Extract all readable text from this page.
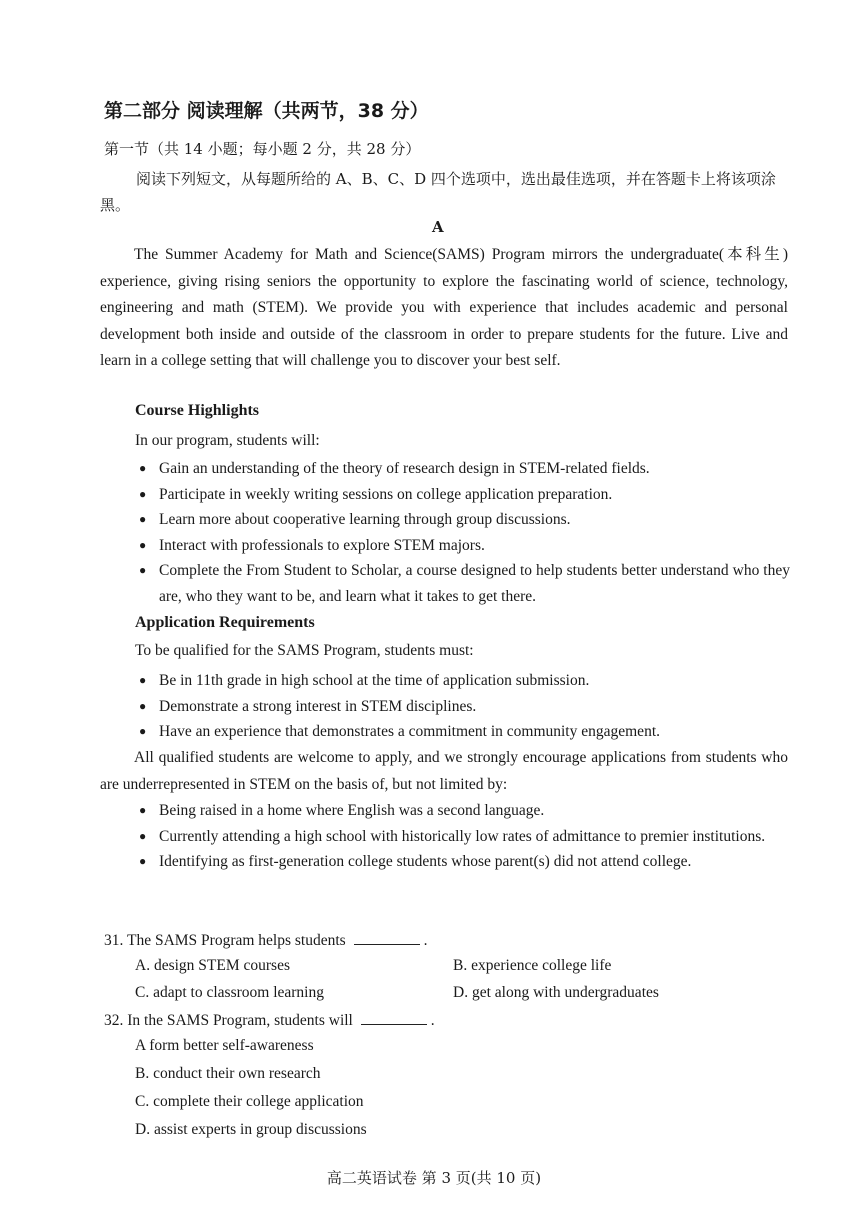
第二部分 阅读理解（共两节，38 分）
第一节（共 14 小题；每小题 2 分，共 28 分）
阅读下列短文，从每题所给的 A、B、C、D 四个选项中，选出最佳选项，并在答题卡上将该项涂黑。
A
The Summer Academy for Math and Science(SAMS) Program mirrors the undergraduate(本科生) experience, giving rising seniors the opportunity to explore the fascinating world of science, technology, engineering and math (STEM). We provide you with experience that includes academic and personal development both inside and outside of the classroom in order to prepare students for the future. Live and learn in a college setting that will challenge you to discover your best self.
Course Highlights
In our program, students will:
● Gain an understanding of the theory of research design in STEM-related fields.
● Participate in weekly writing sessions on college application preparation.
● Learn more about cooperative learning through group discussions.
● Interact with professionals to explore STEM majors.
● Complete the From Student to Scholar, a course designed to help students better understand who they are, who they want to be, and learn what it takes to get there.
Application Requirements
To be qualified for the SAMS Program, students must:
● Be in 11th grade in high school at the time of application submission.
● Demonstrate a strong interest in STEM disciplines.
● Have an experience that demonstrates a commitment in community engagement.
All qualified students are welcome to apply, and we strongly encourage applications from students who are underrepresented in STEM on the basis of, but not limited by:
● Being raised in a home where English was a second language.
● Currently attending a high school with historically low rates of admittance to premier institutions.
● Identifying as first-generation college students whose parent(s) did not attend college.
31. The SAMS Program helps students	.
A. design STEM courses	B. experience college life
C. adapt to classroom learning	D. get along with undergraduates
32. In the SAMS Program, students will	.
A form better self-awareness
B. conduct their own research
C. complete their college application
D. assist experts in group discussions
高二英语试卷 第 3 页(共 10 页)
